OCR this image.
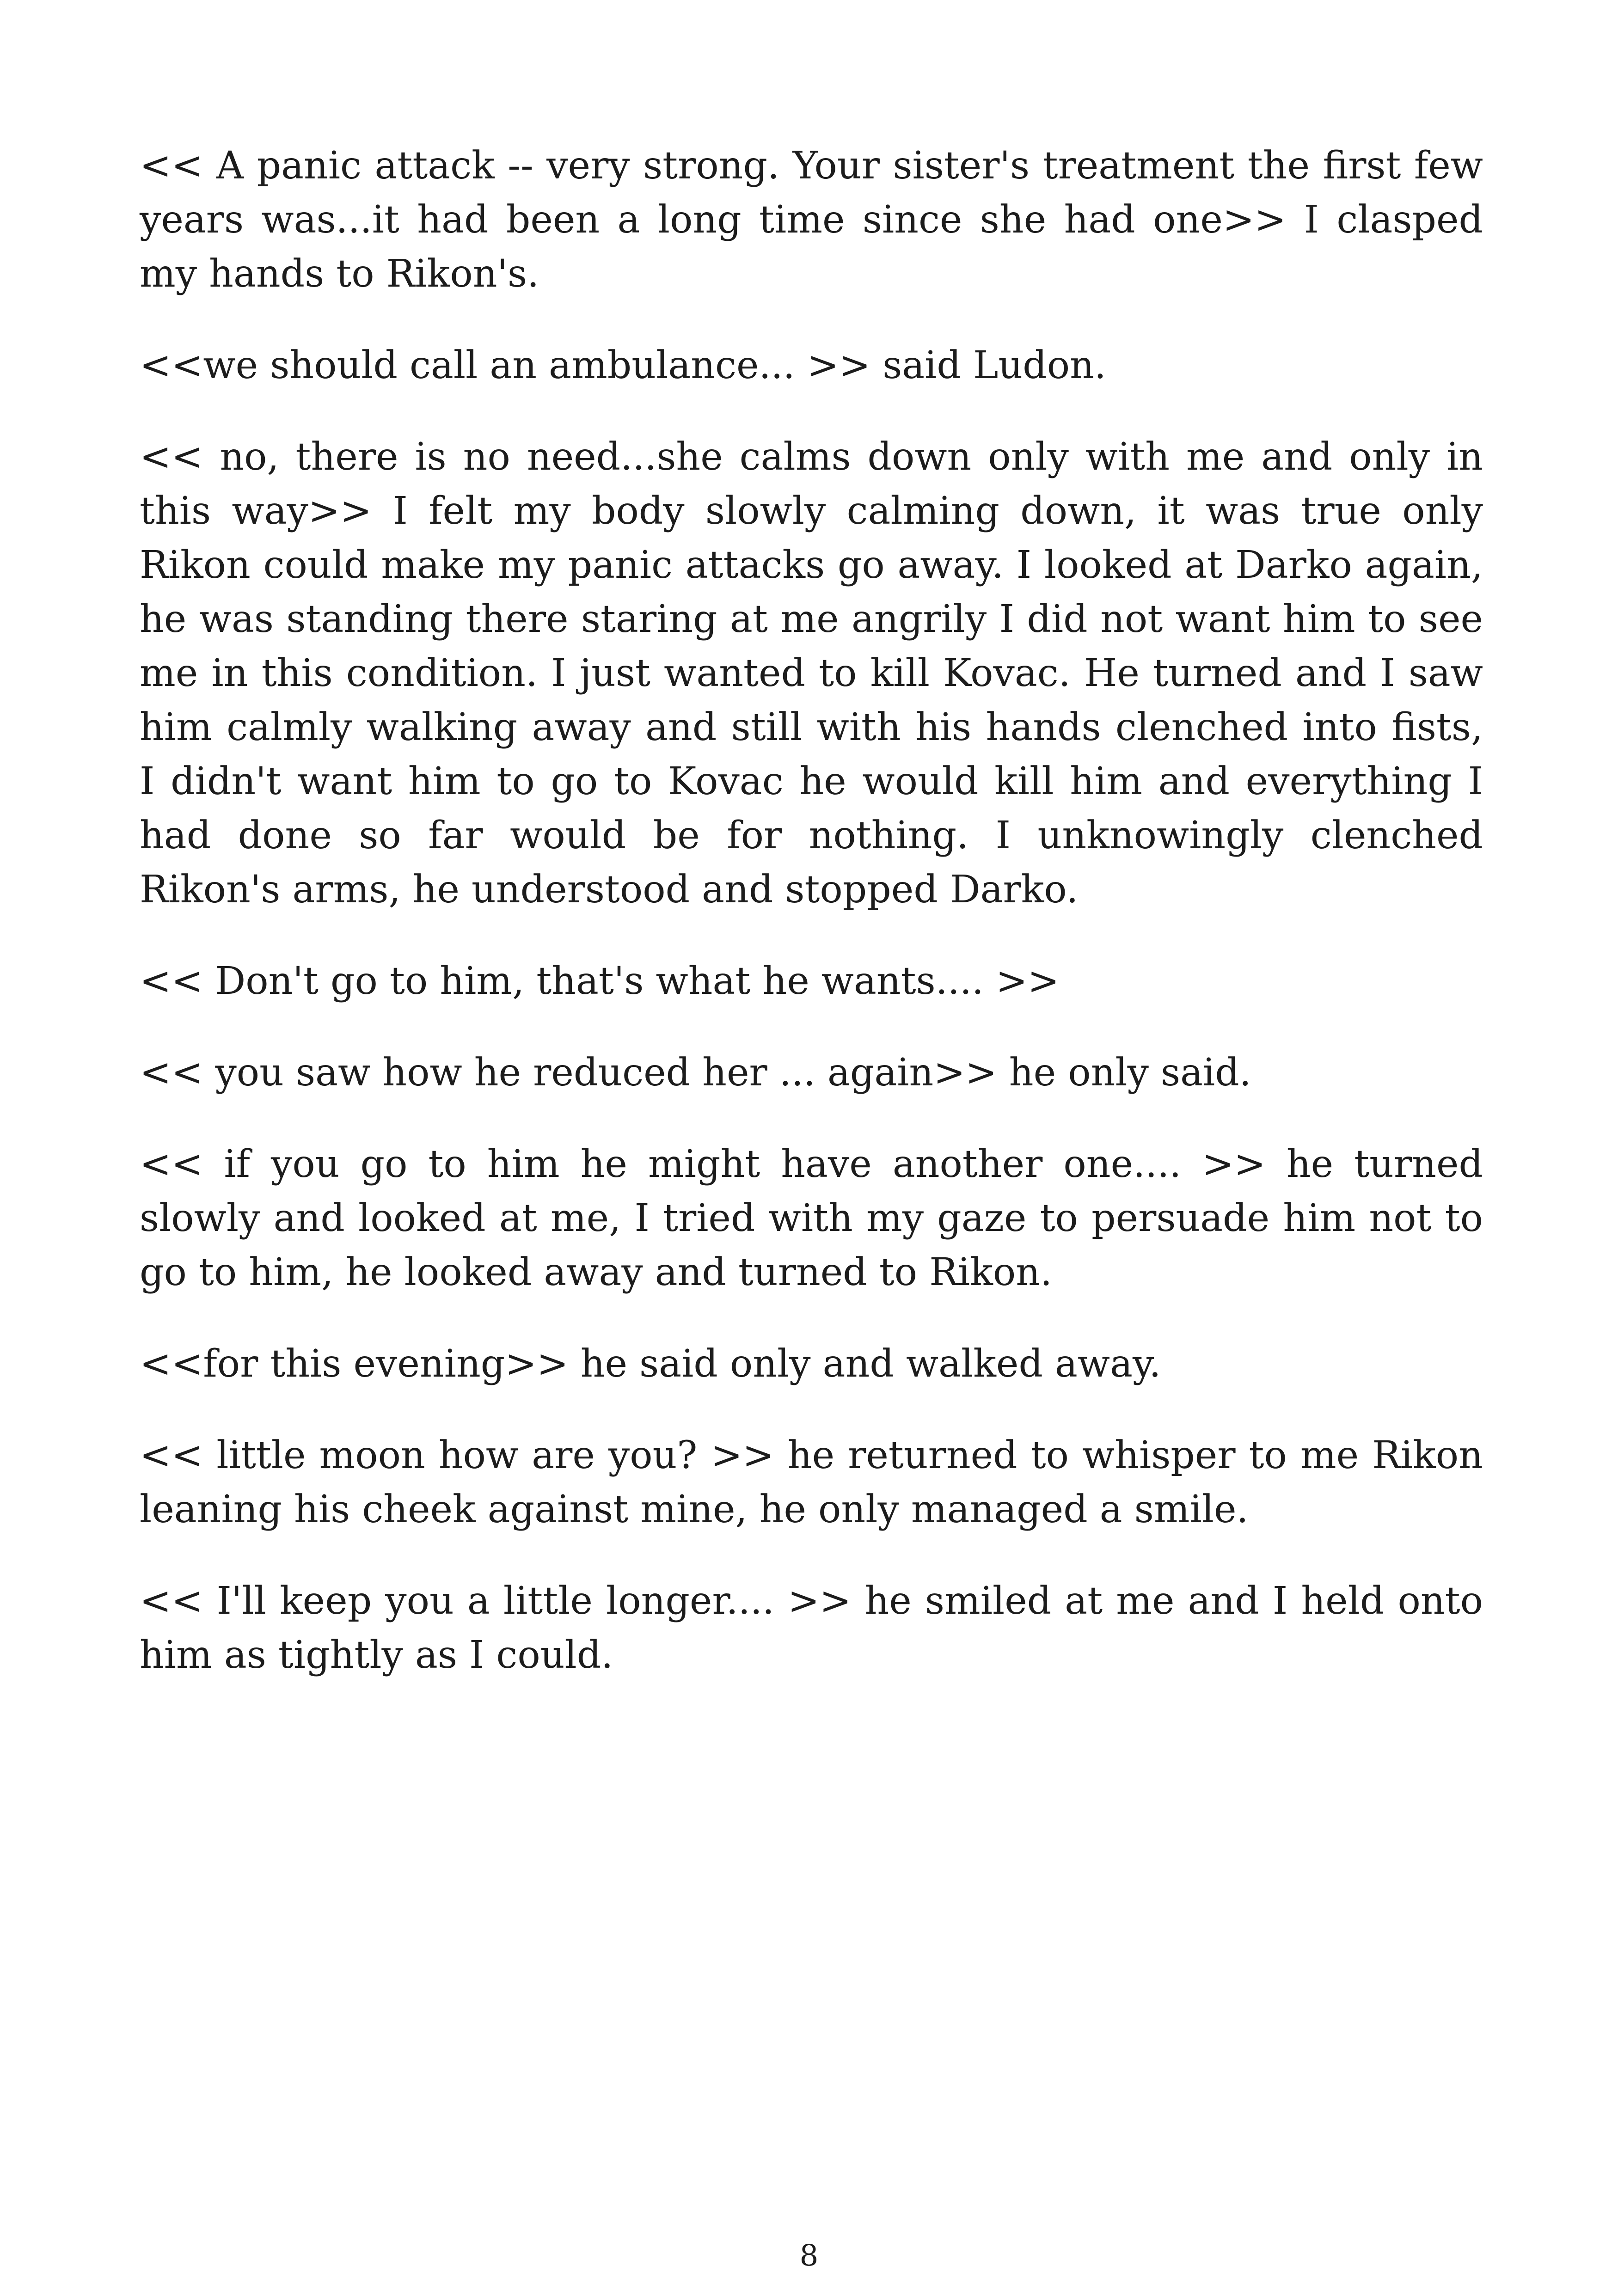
<< A panic attack -- very strong. Your sister's treatment the first few years was...it had been a long time since she had one>> I clasped my hands to Rikon's.

<<we should call an ambulance... >> said Ludon.

<< no, there is no need...she calms down only with me and only in this way>> I felt my body slowly calming down, it was true only Rikon could make my panic attacks go away. I looked at Darko again, he was standing there staring at me angrily I did not want him to see me in this condition. I just wanted to kill Kovac. He turned and I saw him calmly walking away and still with his hands clenched into fists, I didn't want him to go to Kovac he would kill him and everything I had done so far would be for nothing. I unknowingly clenched Rikon's arms, he understood and stopped Darko.

<< Don't go to him, that's what he wants.... >>

<< you saw how he reduced her ... again>> he only said.

<< if you go to him he might have another one.... >> he turned slowly and looked at me, I tried with my gaze to persuade him not to go to him, he looked away and turned to Rikon.

<<for this evening>> he said only and walked away.

<< little moon how are you? >> he returned to whisper to me Rikon leaning his cheek against mine, he only managed a smile.

<< I'll keep you a little longer.... >> he smiled at me and I held onto him as tightly as I could.

8
